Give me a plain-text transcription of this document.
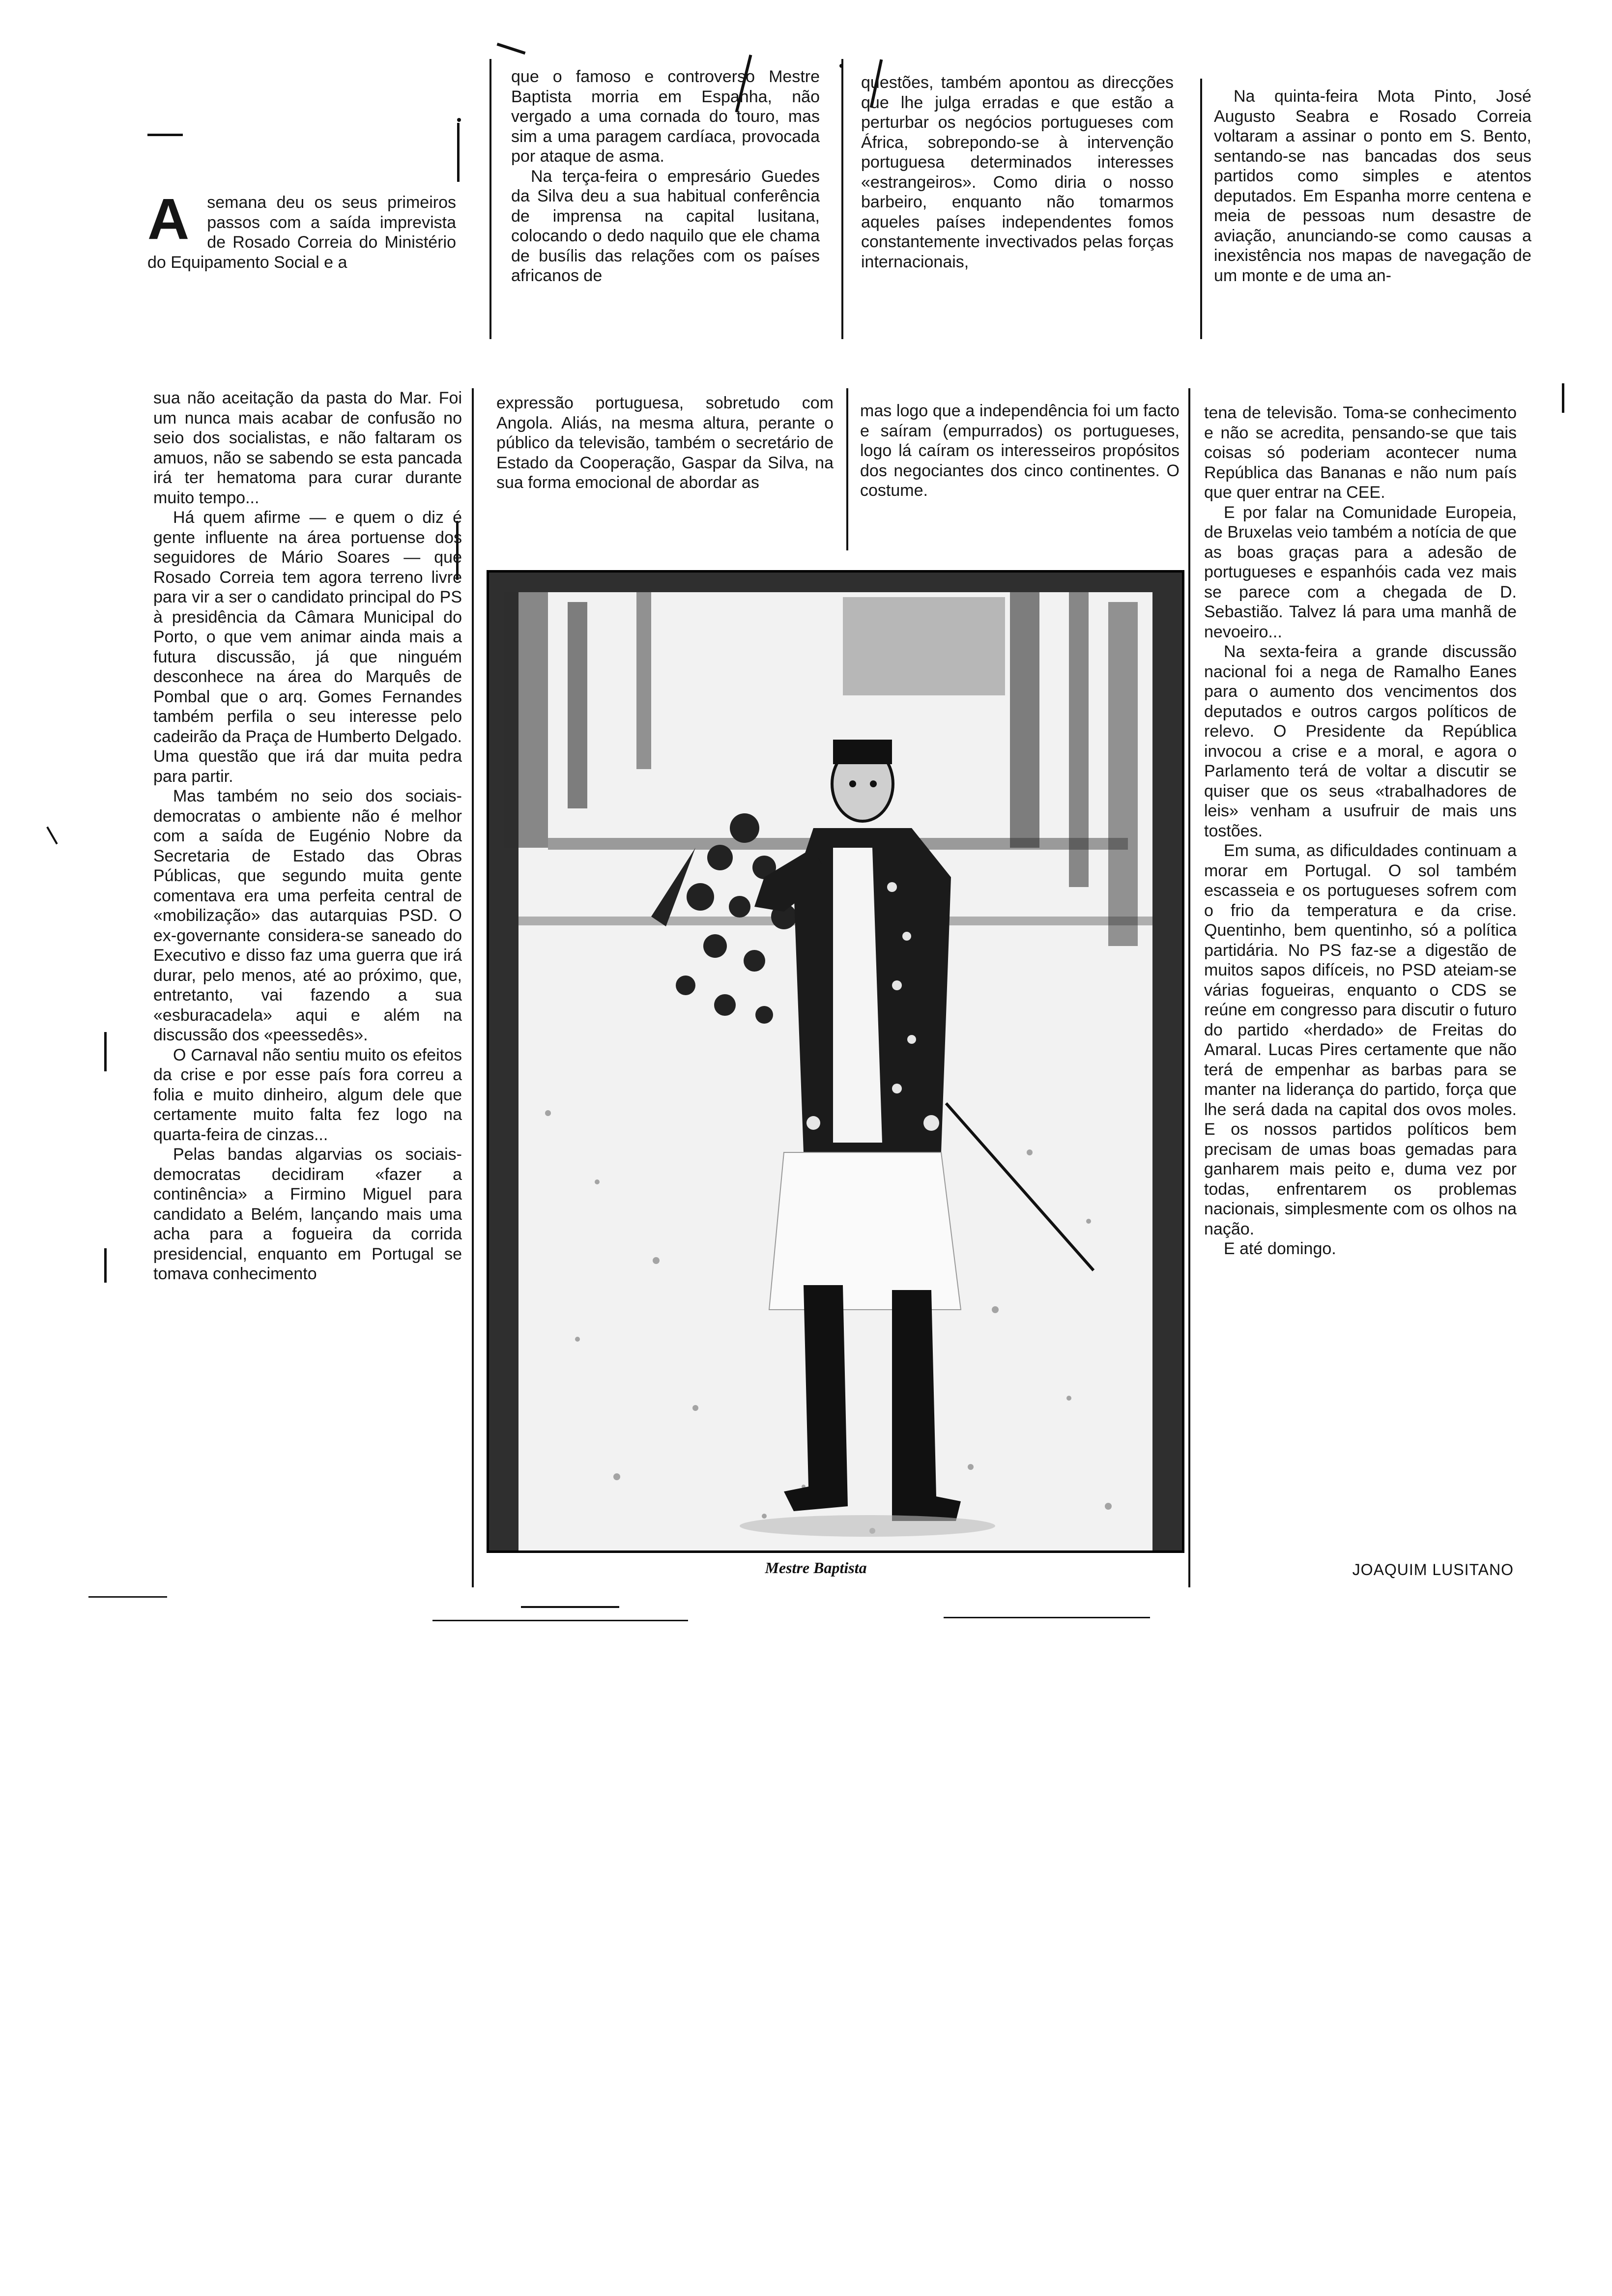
A	semana deu os seus primeiros passos com a saída imprevista de Rosado Correia do Ministério do Equipamento Social e a

que o famoso e controverso Mestre Baptista morria em Espanha, não vergado a uma cornada do touro, mas sim a uma paragem cardíaca, provocada por ataque de asma.

Na terça-feira o empresário Guedes da Silva deu a sua habitual conferência de imprensa na capital lusitana, colocando o dedo naquilo que ele chama de busílis das relações com os países africanos de

questões, também apontou as direcções que lhe julga erradas e que estão a perturbar os negócios portugueses com África, sobrepondo-se à intervenção portuguesa determinados interesses «estrangeiros». Como diria o nosso barbeiro, enquanto não tomarmos aqueles países independentes fomos constantemente invectivados pelas forças internacionais,

Na quinta-feira Mota Pinto, José Augusto Seabra e Rosado Correia voltaram a assinar o ponto em S. Bento, sentando-se nas bancadas dos seus partidos como simples e atentos deputados. Em Espanha morre centena e meia de pessoas num desastre de aviação, anunciando-se como causas a inexistência nos mapas de navegação de um monte e de uma an-

sua não aceitação da pasta do Mar. Foi um nunca mais acabar de confusão no seio dos socialistas, e não faltaram os amuos, não se sabendo se esta pancada irá ter hematoma para curar durante muito tempo...

Há quem afirme — e quem o diz é gente influente na área portuense dos seguidores de Mário Soares — que Rosado Correia tem agora terreno livre para vir a ser o candidato principal do PS à presidência da Câmara Municipal do Porto, o que vem animar ainda mais a futura discussão, já que ninguém desconhece na área do Marquês de Pombal que o arq. Gomes Fernandes também perfila o seu interesse pelo cadeirão da Praça de Humberto Delgado. Uma questão que irá dar muita pedra para partir.

Mas também no seio dos sociais-democratas o ambiente não é melhor com a saída de Eugénio Nobre da Secretaria de Estado das Obras Públicas, que segundo muita gente comentava era uma perfeita central de «mobilização» das autarquias PSD. O ex-governante considera-se saneado do Executivo e disso faz uma guerra que irá durar, pelo menos, até ao próximo, que, entretanto, vai fazendo a sua «esburacadela» aqui e além na discussão dos «peessedês».

O Carnaval não sentiu muito os efeitos da crise e por esse país fora correu a folia e muito dinheiro, algum dele que certamente muito falta fez logo na quarta-feira de cinzas...

Pelas bandas algarvias os sociais-democratas decidiram «fazer a continência» a Firmino Miguel para candidato a Belém, lançando mais uma acha para a fogueira da corrida presidencial, enquanto em Portugal se tomava conhecimento

expressão portuguesa, sobretudo com Angola. Aliás, na mesma altura, perante o público da televisão, também o secretário de Estado da Cooperação, Gaspar da Silva, na sua forma emocional de abordar as

mas logo que a independência foi um facto e saíram (empurrados) os portugueses, logo lá caíram os interesseiros propósitos dos negociantes dos cinco continentes. O costume.

tena de televisão. Toma-se conhecimento e não se acredita, pensando-se que tais coisas só poderiam acontecer numa República das Bananas e não num país que quer entrar na CEE.

E por falar na Comunidade Europeia, de Bruxelas veio também a notícia de que as boas graças para a adesão de portugueses e espanhóis cada vez mais se parece com a chegada de D. Sebastião. Talvez lá para uma manhã de nevoeiro...

Na sexta-feira a grande discussão nacional foi a nega de Ramalho Eanes para o aumento dos vencimentos dos deputados e outros cargos políticos de relevo. O Presidente da República invocou a crise e a moral, e agora o Parlamento terá de voltar a discutir se quiser que os seus «trabalhadores de leis» venham a usufruir de mais uns tostões.

Em suma, as dificuldades continuam a morar em Portugal. O sol também escasseia e os portugueses sofrem com o frio da temperatura e da crise. Quentinho, bem quentinho, só a política partidária. No PS faz-se a digestão de muitos sapos difíceis, no PSD ateiam-se várias fogueiras, enquanto o CDS se reúne em congresso para discutir o futuro do partido «herdado» de Freitas do Amaral. Lucas Pires certamente que não terá de empenhar as barbas para se manter na liderança do partido, força que lhe será dada na capital dos ovos moles. E os nossos partidos políticos bem precisam de umas boas gemadas para ganharem mais peito e, duma vez por todas, enfrentarem os problemas nacionais, simplesmente com os olhos na nação.

E até domingo.

Mestre Baptista	JOAQUIM LUSITANO
